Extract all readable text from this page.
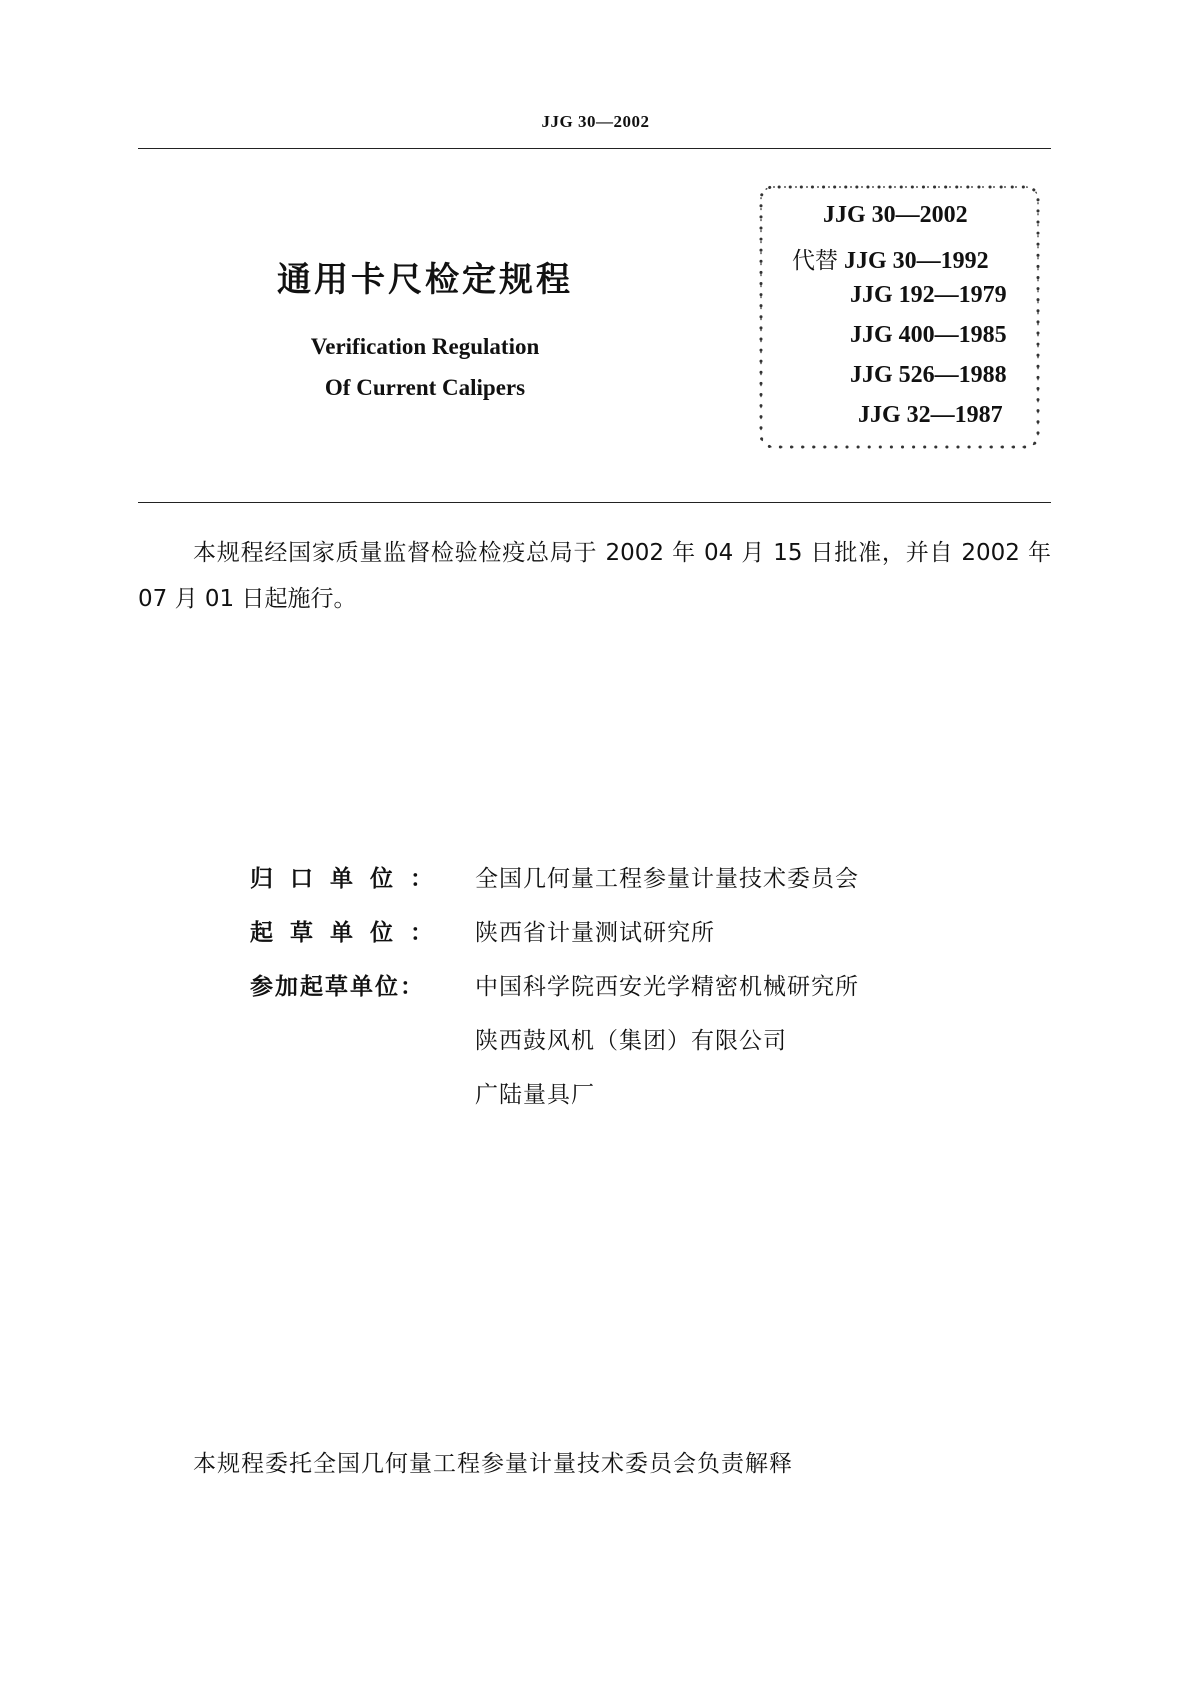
JJG 30—2002
通用卡尺检定规程
Verification Regulation
Of Current Calipers
JJG 30—2002
代替 JJG 30—1992
JJG 192—1979
JJG 400—1985
JJG 526—1988
JJG 32—1987
本规程经国家质量监督检验检疫总局于 2002 年 04 月 15 日批准，并自 2002 年 07 月 01 日起施行。
归口单位：	全国几何量工程参量计量技术委员会
起草单位：	陕西省计量测试研究所
参加起草单位：	中国科学院西安光学精密机械研究所
陕西鼓风机（集团）有限公司
广陆量具厂
本规程委托全国几何量工程参量计量技术委员会负责解释
